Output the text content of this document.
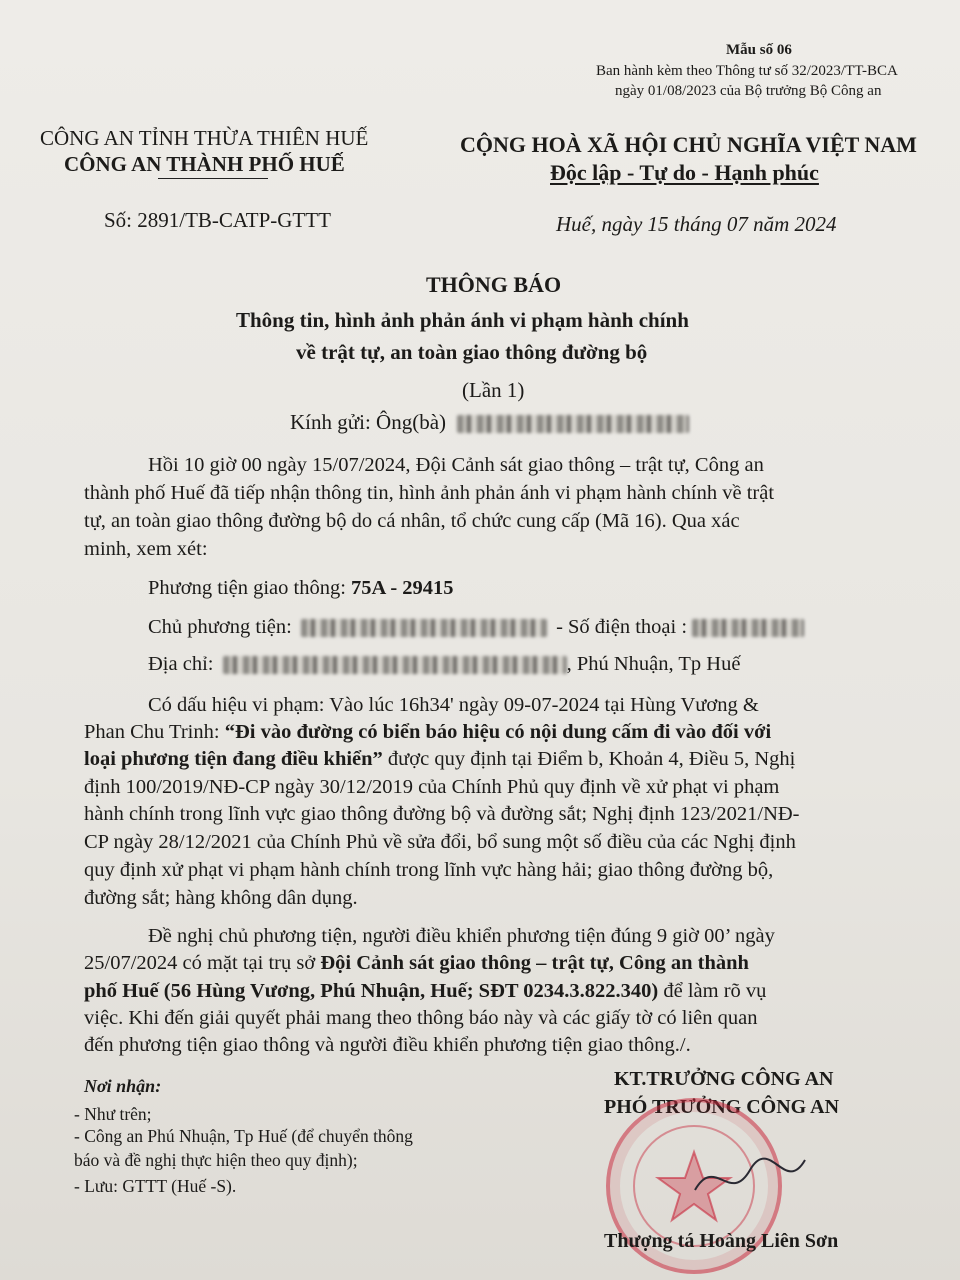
Mẫu số 06
Ban hành kèm theo Thông tư số 32/2023/TT-BCA
ngày 01/08/2023 của Bộ trưởng Bộ Công an
CÔNG AN TỈNH THỪA THIÊN HUẾ
CÔNG AN THÀNH PHỐ HUẾ
Số: 2891/TB-CATP-GTTT
CỘNG HOÀ XÃ HỘI CHỦ NGHĨA VIỆT NAM
Độc lập - Tự do - Hạnh phúc
Huế, ngày 15 tháng 07 năm 2024
THÔNG BÁO
Thông tin, hình ảnh phản ánh vi phạm hành chính
về trật tự, an toàn giao thông đường bộ
(Lần 1)
Kính gửi: Ông(bà)
Hồi 10 giờ 00 ngày 15/07/2024, Đội Cảnh sát giao thông – trật tự, Công an
thành phố Huế đã tiếp nhận thông tin, hình ảnh phản ánh vi phạm hành chính về trật
tự, an toàn giao thông đường bộ do cá nhân, tổ chức cung cấp (Mã 16). Qua xác
minh, xem xét:
Phương tiện giao thông: 75A - 29415
Chủ phương tiện:	- Số điện thoại :
Địa chỉ:	, Phú Nhuận, Tp Huế
Có dấu hiệu vi phạm: Vào lúc 16h34' ngày 09-07-2024 tại Hùng Vương &
Phan Chu Trinh: “Đi vào đường có biển báo hiệu có nội dung cấm đi vào đối với
loại phương tiện đang điều khiển” được quy định tại Điểm b, Khoản 4, Điều 5, Nghị
định 100/2019/NĐ-CP ngày 30/12/2019 của Chính Phủ quy định về xử phạt vi phạm
hành chính trong lĩnh vực giao thông đường bộ và đường sắt; Nghị định 123/2021/NĐ-
CP ngày 28/12/2021 của Chính Phủ về sửa đổi, bổ sung một số điều của các Nghị định
quy định xử phạt vi phạm hành chính trong lĩnh vực hàng hải; giao thông đường bộ,
đường sắt; hàng không dân dụng.
Đề nghị chủ phương tiện, người điều khiển phương tiện đúng 9 giờ 00’ ngày
25/07/2024 có mặt tại trụ sở Đội Cảnh sát giao thông – trật tự, Công an thành
phố Huế (56 Hùng Vương, Phú Nhuận, Huế; SĐT 0234.3.822.340) để làm rõ vụ
việc. Khi đến giải quyết phải mang theo thông báo này và các giấy tờ có liên quan
đến phương tiện giao thông và người điều khiển phương tiện giao thông./.
Nơi nhận:
- Như trên;
- Công an Phú Nhuận, Tp Huế (để chuyển thông
báo và đề nghị thực hiện theo quy định);
- Lưu: GTTT (Huế -S).
KT.TRƯỞNG CÔNG AN
PHÓ TRƯỞNG CÔNG AN
Thượng tá Hoàng Liên Sơn
